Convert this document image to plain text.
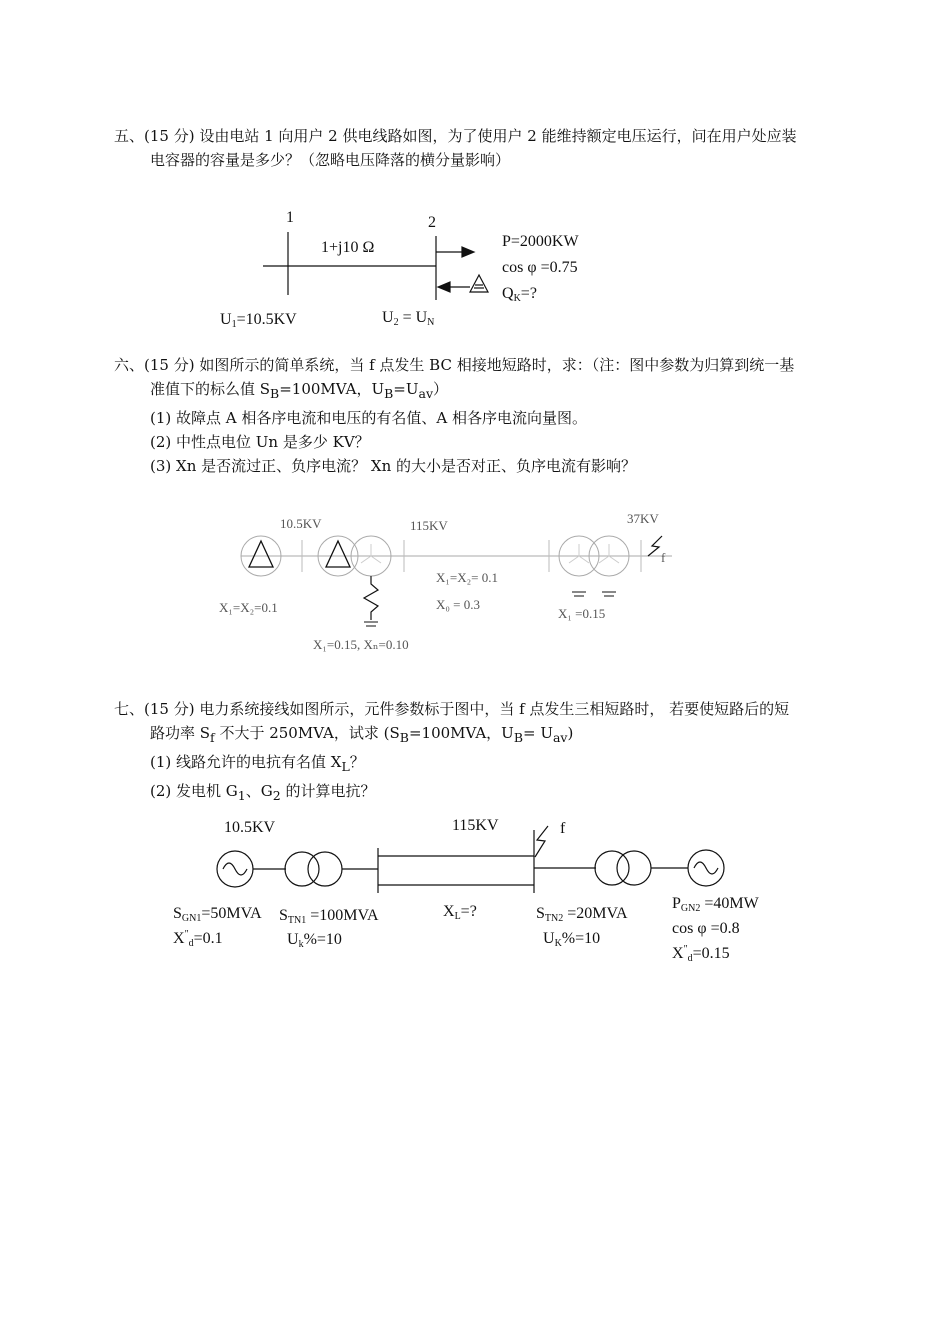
五、(15 分) 设由电站 1 向用户 2 供电线路如图，为了使用户 2 能维持额定电压运行，问在用户处应装

电容器的容量是多少？（忽略电压降落的横分量影响）

六、(15 分) 如图所示的简单系统，当 f 点发生 BC 相接地短路时，求：（注：图中参数为归算到统一基

准值下的标么值 $S_B=100MVA$，$U_B=U_{av}$）

(1) 故障点 A 相各序电流和电压的有名值、A 相各序电流向量图。

(2) 中性点电位 Un 是多少 KV？

(3) Xn 是否流过正、负序电流？ Xn 的大小是否对正、负序电流有影响？

七、(15 分) 电力系统接线如图所示，元件参数标于图中，当 f 点发生三相短路时， 若要使短路后的短

路功率 $S_f$ 不大于 250MVA，试求 ($S_B=100MVA$，$U_B= U_{av}$)

(1) 线路允许的电抗有名值 $X_L$？

(2) 发电机 $G_1$、$G_2$ 的计算电抗？

1	2
1+j10 Ω	P=2000KW
cos φ =0.75
QK=?
U1=10.5KV	U2 = UN
10.5KV	115KV	37KV
f
X₁=X₂=0.1
X₁=0.15, Xₙ=0.10
X₁=X₂= 0.1
X₀ = 0.3
X₁ =0.15
10.5KV	115KV	f
SGN1=50MVA
$X^"_d=0.1$
STN1 =100MVA
Uk%=10
XL=?	STN2 =20MVA
UK%=10
PGN2 =40MW
cos φ =0.8
$X^"_d=0.15$
